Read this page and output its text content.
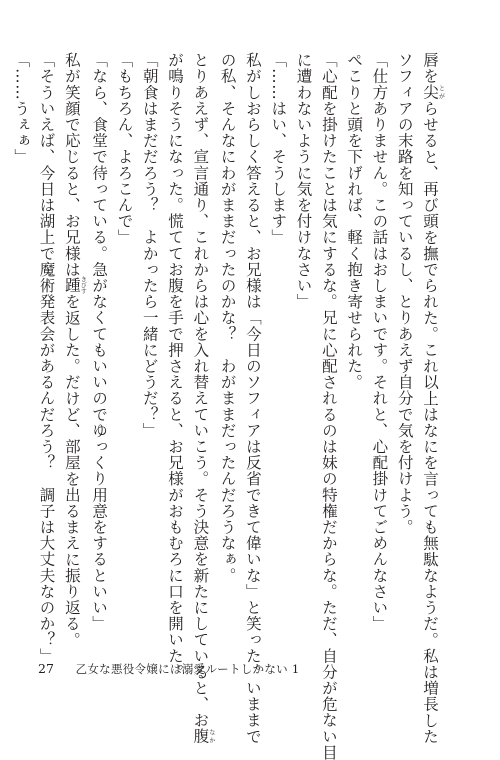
唇を尖とがらせると、再び頭を撫でられた。これ以上はなにを言っても無駄なようだ。私は増長した
ソフィアの末路を知っているし、とりあえず自分で気を付けよう。
「仕方ありません。この話はおしまいです。それと、心配掛けてごめんなさい」
ぺこりと頭を下げれば、軽く抱き寄せられた。
「心配を掛けたことは気にするな。兄に心配されるのは妹の特権だからな。ただ、自分が危ない目
に遭わないように気を付けなさい」
「……はい、そうします」
私がしおらしく答えると、お兄様は「今日のソフィアは反省できて偉いな」と笑った。いままで
の私、そんなにわがままだったのかな？　わがままだったんだろうなぁ。
とりあえず、宣言通り、これからは心を入れ替えていこう。そう決意を新たにしていると、お腹なか
が鳴りそうになった。慌ててお腹を手で押さえると、お兄様がおもむろに口を開いた。
「朝食はまだだろう？　よかったら一緒にどうだ？」
「もちろん、よろこんで」
「なら、食堂で待っている。急がなくてもいいのでゆっくり用意をするといい」
私が笑顔で応じると、お兄様は踵きびすを返した。だけど、部屋を出るまえに振り返る。
「そういえば、今日は湖上で魔術発表会があるんだろう？　調子は大丈夫なのか？」
「……うぇぁ」
27 乙女な悪役令嬢には溺愛ルートしかない 1
